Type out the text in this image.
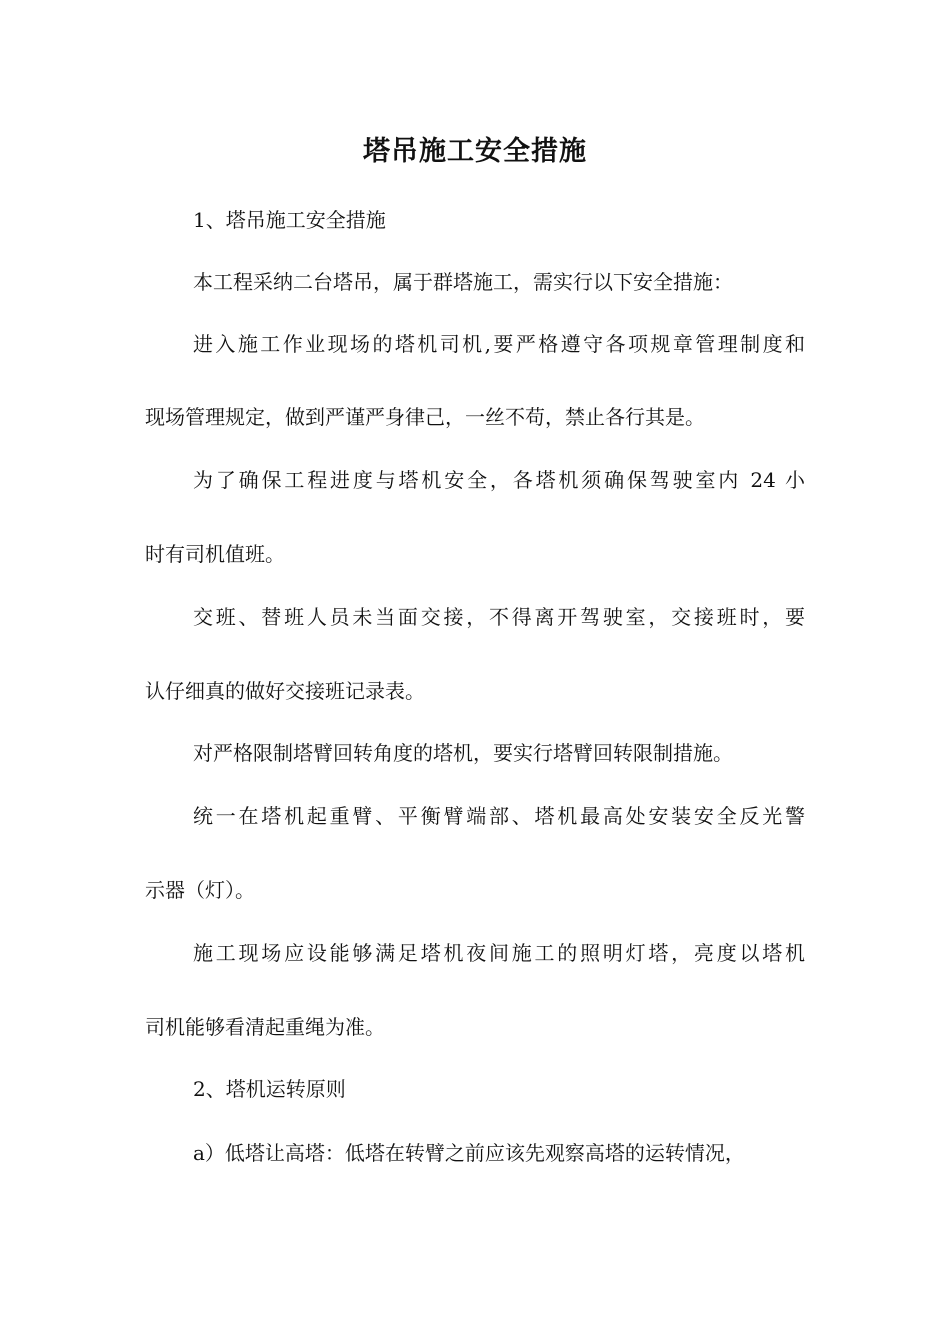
塔吊施工安全措施

1、塔吊施工安全措施

本工程采纳二台塔吊，属于群塔施工，需实行以下安全措施：

进入施工作业现场的塔机司机,要严格遵守各项规章管理制度和

现场管理规定，做到严谨严身律己，一丝不苟，禁止各行其是。

为了确保工程进度与塔机安全，各塔机须确保驾驶室内 24 小

时有司机值班。

交班、替班人员未当面交接，不得离开驾驶室，交接班时，要

认仔细真的做好交接班记录表。

对严格限制塔臂回转角度的塔机，要实行塔臂回转限制措施。

统一在塔机起重臂、平衡臂端部、塔机最高处安装安全反光警

示器（灯）。

施工现场应设能够满足塔机夜间施工的照明灯塔，亮度以塔机

司机能够看清起重绳为准。

2、塔机运转原则

a）低塔让高塔：低塔在转臂之前应该先观察高塔的运转情况，
